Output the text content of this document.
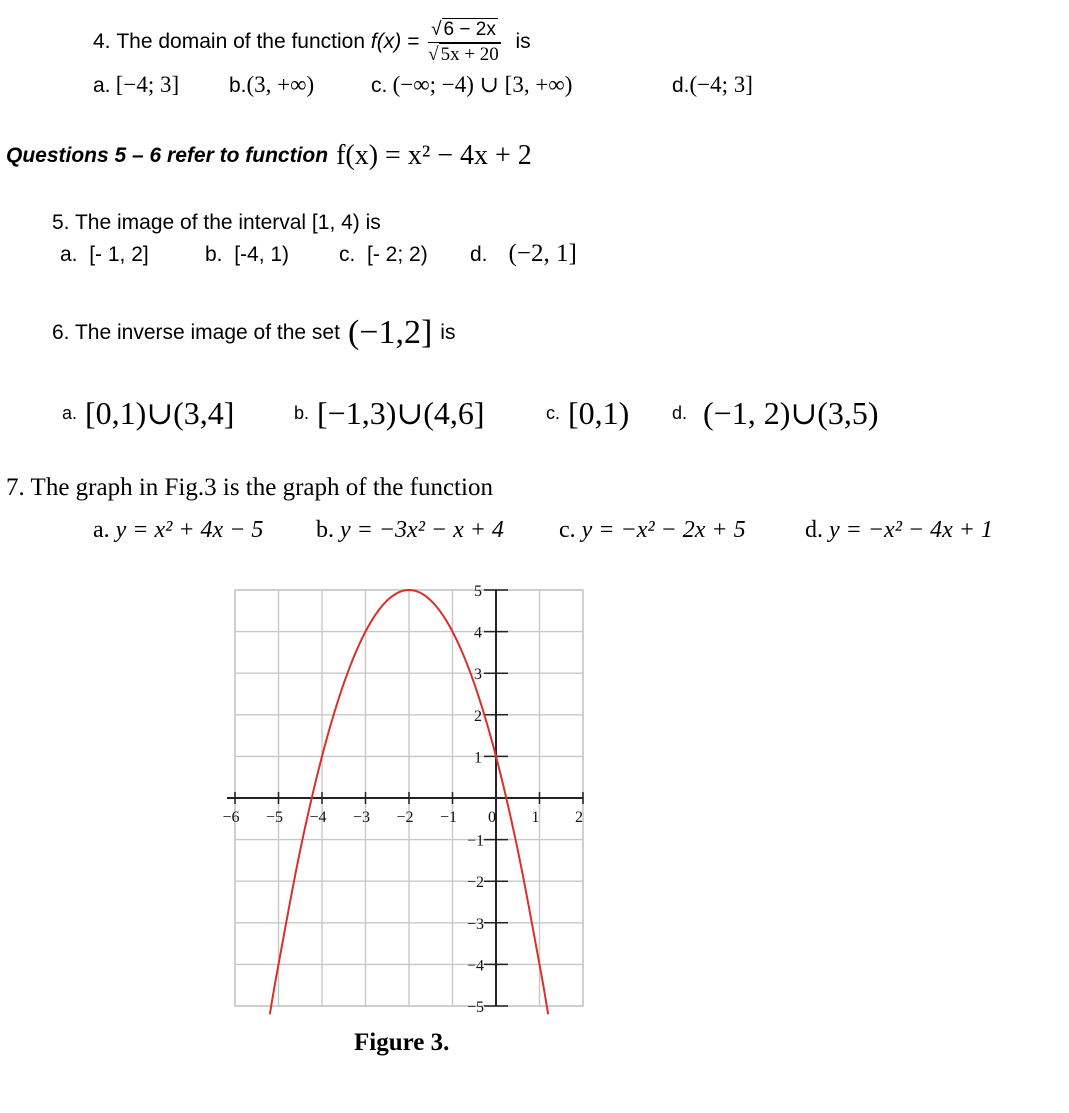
4.
The domain of the function
f(x) =
$\frac{√ 6 - 2x}{√ 5x + 20}$
is
a. [−4; 3] b.(3, +∞)	c. (−∞; −4) ∪ [3, +∞)	d.(−4; 3]
Questions 5 – 6 refer to function
f(x) = x² − 4x + 2
5. The image of the interval [1, 4) is
a. [- 1, 2]	b. [-4, 1) c. [- 2; 2) d. (−2, 1]
6. The inverse image of the set
(−1,2]
is
a.
[0,1)∪(3,4]	b.
[−1,3)∪(4,6]	c.
[0,1) d.
(−1, 2)∪(3,5)
7. The graph in Fig.3 is the graph of the function
a. y = x² + 4x − 5 b. y = −3x² − x + 4 c. y = −x² − 2x + 5 d. y = −x² − 4x + 1
−6 −5 −4 −3 −2 −1 0 1 2
5
4
3
2
1
−1
−2
−3
−4
−5
Figure 3.
